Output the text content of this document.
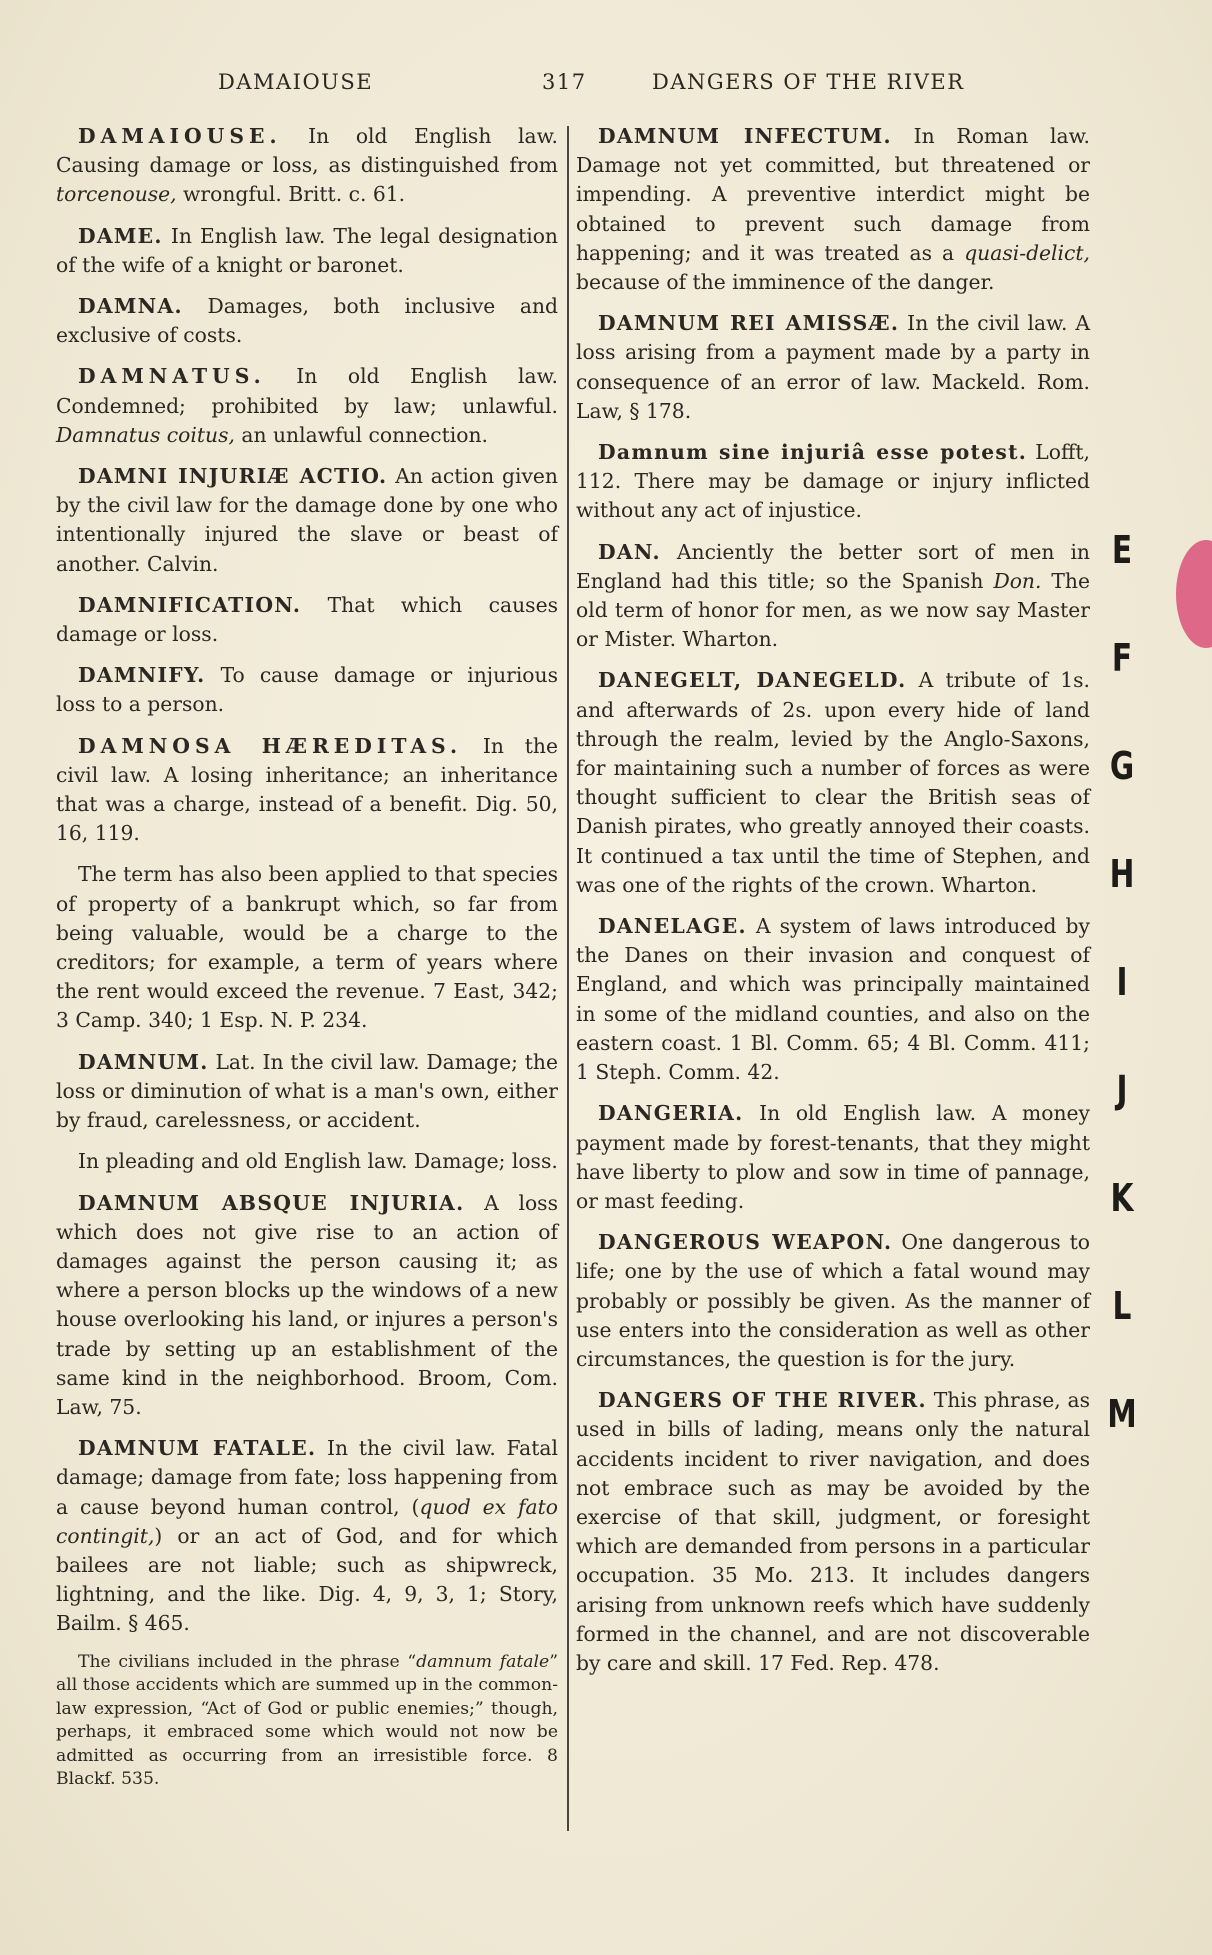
DAMAIOUSE	317	DANGERS OF THE RIVER

DAMAIOUSE. In old English law. Causing damage or loss, as distinguished from torcenouse, wrongful. Britt. c. 61.

DAME. In English law. The legal designation of the wife of a knight or baronet.

DAMNA. Damages, both inclusive and exclusive of costs.

DAMNATUS. In old English law. Condemned; prohibited by law; unlawful. Damnatus coitus, an unlawful connection.

DAMNI INJURIÆ ACTIO. An action given by the civil law for the damage done by one who intentionally injured the slave or beast of another. Calvin.

DAMNIFICATION. That which causes damage or loss.

DAMNIFY. To cause damage or injurious loss to a person.

DAMNOSA HÆREDITAS. In the civil law. A losing inheritance; an inheritance that was a charge, instead of a benefit. Dig. 50, 16, 119.

The term has also been applied to that species of property of a bankrupt which, so far from being valuable, would be a charge to the creditors; for example, a term of years where the rent would exceed the revenue. 7 East, 342; 3 Camp. 340; 1 Esp. N. P. 234.

DAMNUM. Lat. In the civil law. Damage; the loss or diminution of what is a man's own, either by fraud, carelessness, or accident.

In pleading and old English law. Damage; loss.

DAMNUM ABSQUE INJURIA. A loss which does not give rise to an action of damages against the person causing it; as where a person blocks up the windows of a new house overlooking his land, or injures a person's trade by setting up an establishment of the same kind in the neighborhood. Broom, Com. Law, 75.

DAMNUM FATALE. In the civil law. Fatal damage; damage from fate; loss happening from a cause beyond human control, (quod ex fato contingit,) or an act of God, and for which bailees are not liable; such as shipwreck, lightning, and the like. Dig. 4, 9, 3, 1; Story, Bailm. § 465.

The civilians included in the phrase “damnum fatale” all those accidents which are summed up in the common-law expression, “Act of God or public enemies;” though, perhaps, it embraced some which would not now be admitted as occurring from an irresistible force. 8 Blackf. 535.

DAMNUM INFECTUM. In Roman law. Damage not yet committed, but threatened or impending. A preventive interdict might be obtained to prevent such damage from happening; and it was treated as a quasi-delict, because of the imminence of the danger.

DAMNUM REI AMISSÆ. In the civil law. A loss arising from a payment made by a party in consequence of an error of law. Mackeld. Rom. Law, § 178.

Damnum sine injuriâ esse potest. Lofft, 112. There may be damage or injury inflicted without any act of injustice.

DAN. Anciently the better sort of men in England had this title; so the Spanish Don. The old term of honor for men, as we now say Master or Mister. Wharton.

DANEGELT, DANEGELD. A tribute of 1s. and afterwards of 2s. upon every hide of land through the realm, levied by the Anglo-Saxons, for maintaining such a number of forces as were thought sufficient to clear the British seas of Danish pirates, who greatly annoyed their coasts. It continued a tax until the time of Stephen, and was one of the rights of the crown. Wharton.

DANELAGE. A system of laws introduced by the Danes on their invasion and conquest of England, and which was principally maintained in some of the midland counties, and also on the eastern coast. 1 Bl. Comm. 65; 4 Bl. Comm. 411; 1 Steph. Comm. 42.

DANGERIA. In old English law. A money payment made by forest-tenants, that they might have liberty to plow and sow in time of pannage, or mast feeding.

DANGEROUS WEAPON. One dangerous to life; one by the use of which a fatal wound may probably or possibly be given. As the manner of use enters into the consideration as well as other circumstances, the question is for the jury.

DANGERS OF THE RIVER. This phrase, as used in bills of lading, means only the natural accidents incident to river navigation, and does not embrace such as may be avoided by the exercise of that skill, judgment, or foresight which are demanded from persons in a particular occupation. 35 Mo. 213. It includes dangers arising from unknown reefs which have suddenly formed in the channel, and are not discoverable by care and skill. 17 Fed. Rep. 478.

E
F
G
H
I
J
K
L
M
